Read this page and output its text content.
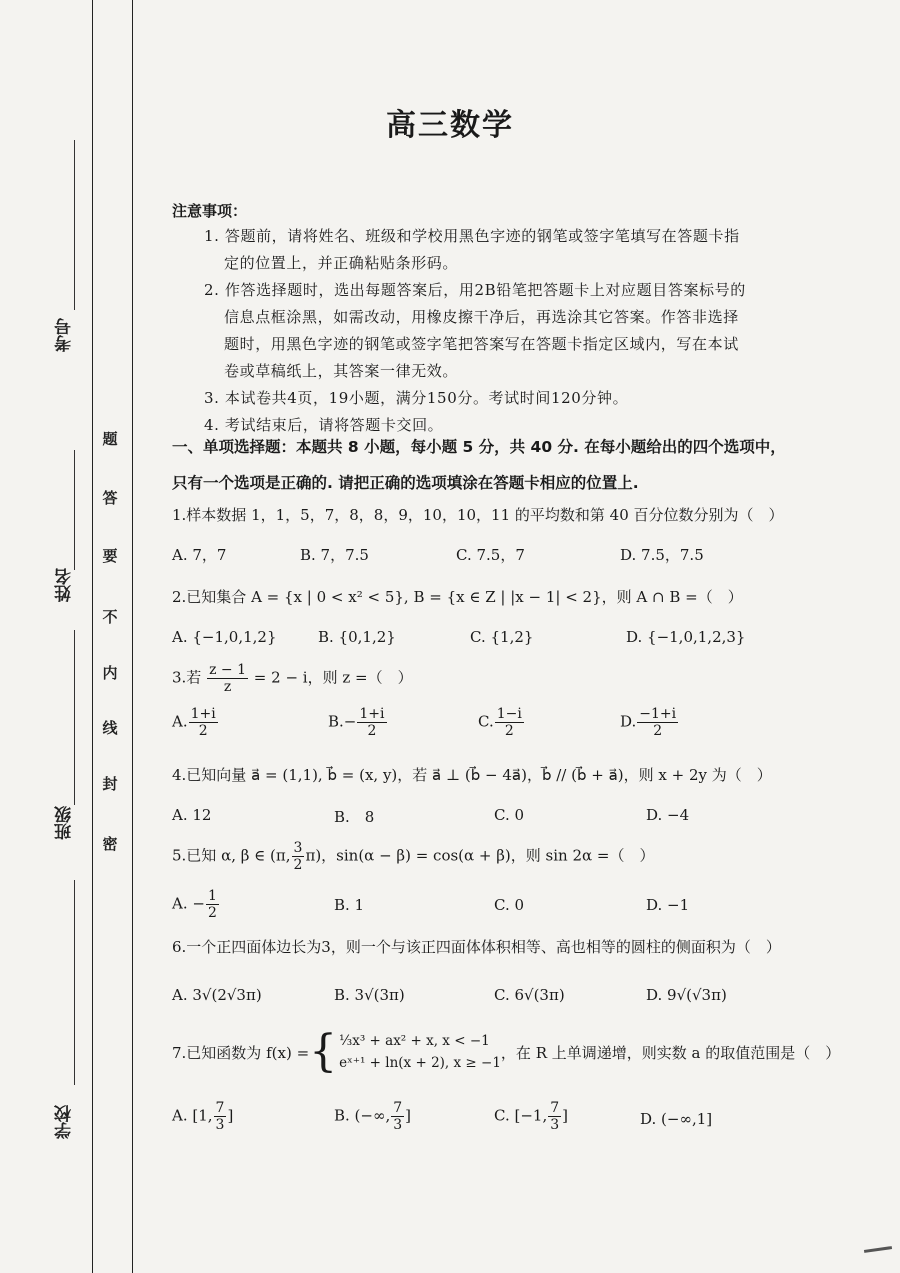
考号
姓名
班级
学校
密
封
线
内
不
要
答
题
高三数学
注意事项：
1. 答题前，请将姓名、班级和学校用黑色字迹的钢笔或签字笔填写在答题卡指
定的位置上，并正确粘贴条形码。
2. 作答选择题时，选出每题答案后，用2B铅笔把答题卡上对应题目答案标号的
信息点框涂黑，如需改动，用橡皮擦干净后，再选涂其它答案。作答非选择
题时，用黑色字迹的钢笔或签字笔把答案写在答题卡指定区域内，写在本试
卷或草稿纸上，其答案一律无效。
3. 本试卷共4页，19小题，满分150分。考试时间120分钟。
4. 考试结束后，请将答题卡交回。
一、单项选择题：本题共 8 小题，每小题 5 分，共 40 分. 在每小题给出的四个选项中，
只有一个选项是正确的. 请把正确的选项填涂在答题卡相应的位置上.
1.样本数据 1，1，5，7，8，8，9，10，10，11 的平均数和第 40 百分位数分别为（　）
A. 7，7	B. 7，7.5	C. 7.5，7	D. 7.5，7.5
2.已知集合 A = {x | 0 < x² < 5}, B = {x ∈ Z | |x − 1| < 2}，则 A ∩ B =（　）
A. {−1,0,1,2}	B. {0,1,2}	C. {1,2}	D. {−1,0,1,2,3}
3.若 $\frac{z - 1}{z} = 2 - i$，则 z =（　）
A. $\frac{1+i}{2}$	$B.- \frac{1+i}{2}$	C. $\frac{1-i}{2}$	D. $\frac{-1+i}{2}$
4.已知向量 a⃗ = (1,1), b⃗ = (x, y)，若 a⃗ ⊥ (b⃗ − 4a⃗)，b⃗ // (b⃗ + a⃗)，则 x + 2y 为（　）
A. 12	B.　8	C. 0	D. −4
5.已知 α, β ∈ (π, $\frac{3}{2} \pi$)，sin(α − β) = cos(α + β)，则 sin 2α =（　）
A. − $\frac{1}{2}$	B. 1	C. 0	D. −1
6.一个正四面体边长为3，则一个与该正四面体体积相等、高也相等的圆柱的侧面积为（　）
A. 3√(2√3π)	B. 3√(3π)	C. 6√(3π)	D. 9√(√3π)
7.已知函数为 f(x) = { ⅓x³ + ax² + x, x < −1
eˣ⁺¹ + ln(x + 2), x ≥ −1
，在 R 上单调递增，则实数 a 的取值范围是（　）
A. [1, $\frac{7}{3}$ ]	B. (−∞, $\frac{7}{3}$ ]	C. [−1, $\frac{7}{3}$ ]	D. (−∞,1]
